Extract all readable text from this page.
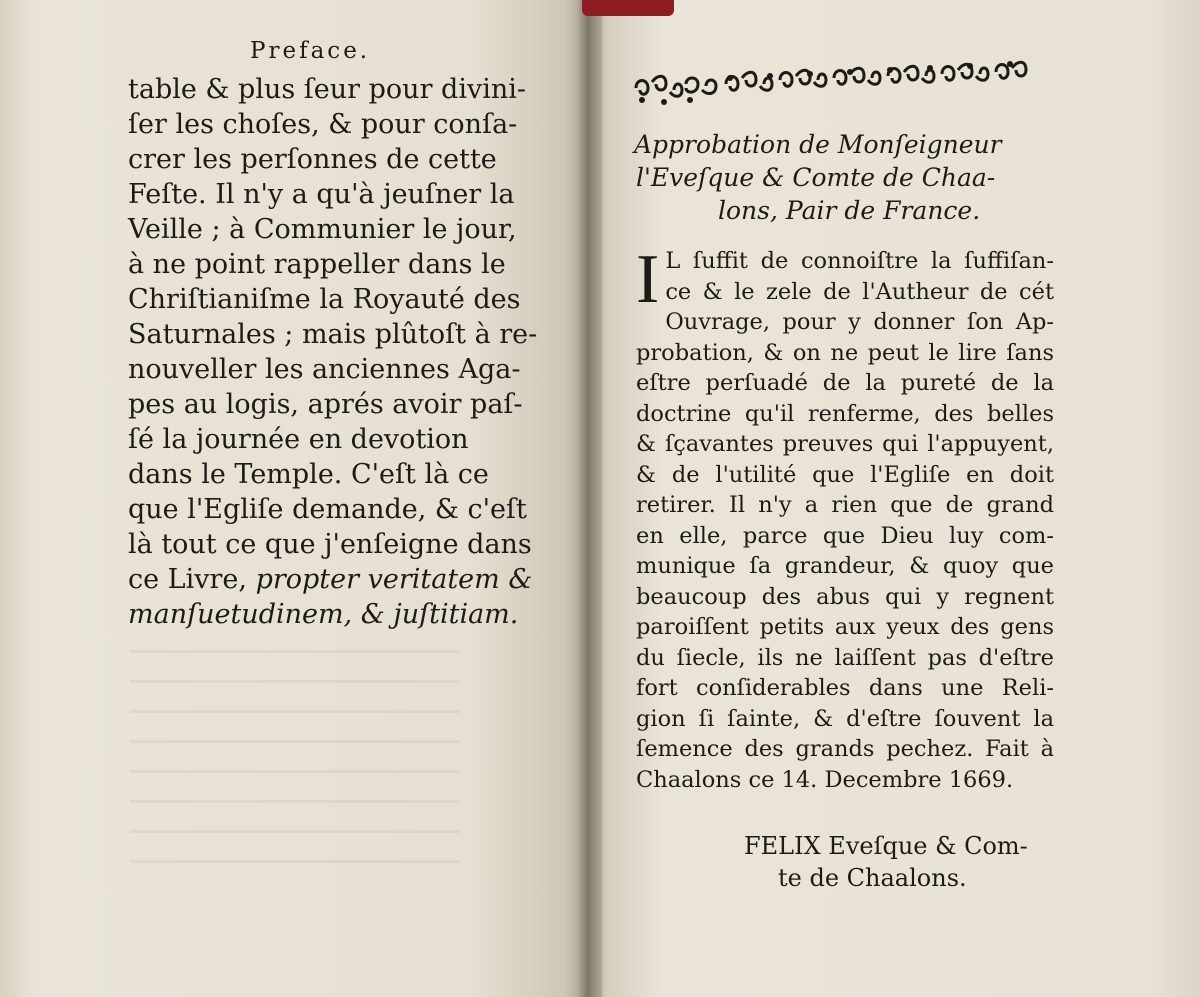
Preface.
table & plus ſeur pour divini-
ſer les choſes, & pour conſa-
crer les perſonnes de cette
Feſte. Il n'y a qu'à jeuſner la
Veille ; à Communier le jour,
à ne point rappeller dans le
Chriſtianiſme la Royauté des
Saturnales ; mais plûtoſt à re-
nouveller les anciennes Aga-
pes au logis, aprés avoir paſ-
ſé la journée en devotion
dans le Temple. C'eſt là ce
que l'Egliſe demande, & c'eſt
là tout ce que j'enſeigne dans
ce Livre, propter veritatem &
manſuetudinem, & juſtitiam.
Approbation de Monſeigneur
l'Eveſque & Comte de Chaa-
lons, Pair de France.
I L ſuffit de connoiſtre la ſuffiſan-
ce & le zele de l'Autheur de cét
Ouvrage, pour y donner ſon Ap-
probation, & on ne peut le lire ſans
eſtre perſuadé de la pureté de la
doctrine qu'il renferme, des belles
& ſçavantes preuves qui l'appuyent,
& de l'utilité que l'Egliſe en doit
retirer. Il n'y a rien que de grand
en elle, parce que Dieu luy com-
munique ſa grandeur, & quoy que
beaucoup des abus qui y regnent
paroiſſent petits aux yeux des gens
du ſiecle, ils ne laiſſent pas d'eſtre
fort conſiderables dans une Reli-
gion ſi ſainte, & d'eſtre ſouvent la
ſemence des grands pechez. Fait à
Chaalons ce 14. Decembre 1669.
FELIX Eveſque & Com-
te de Chaalons.
